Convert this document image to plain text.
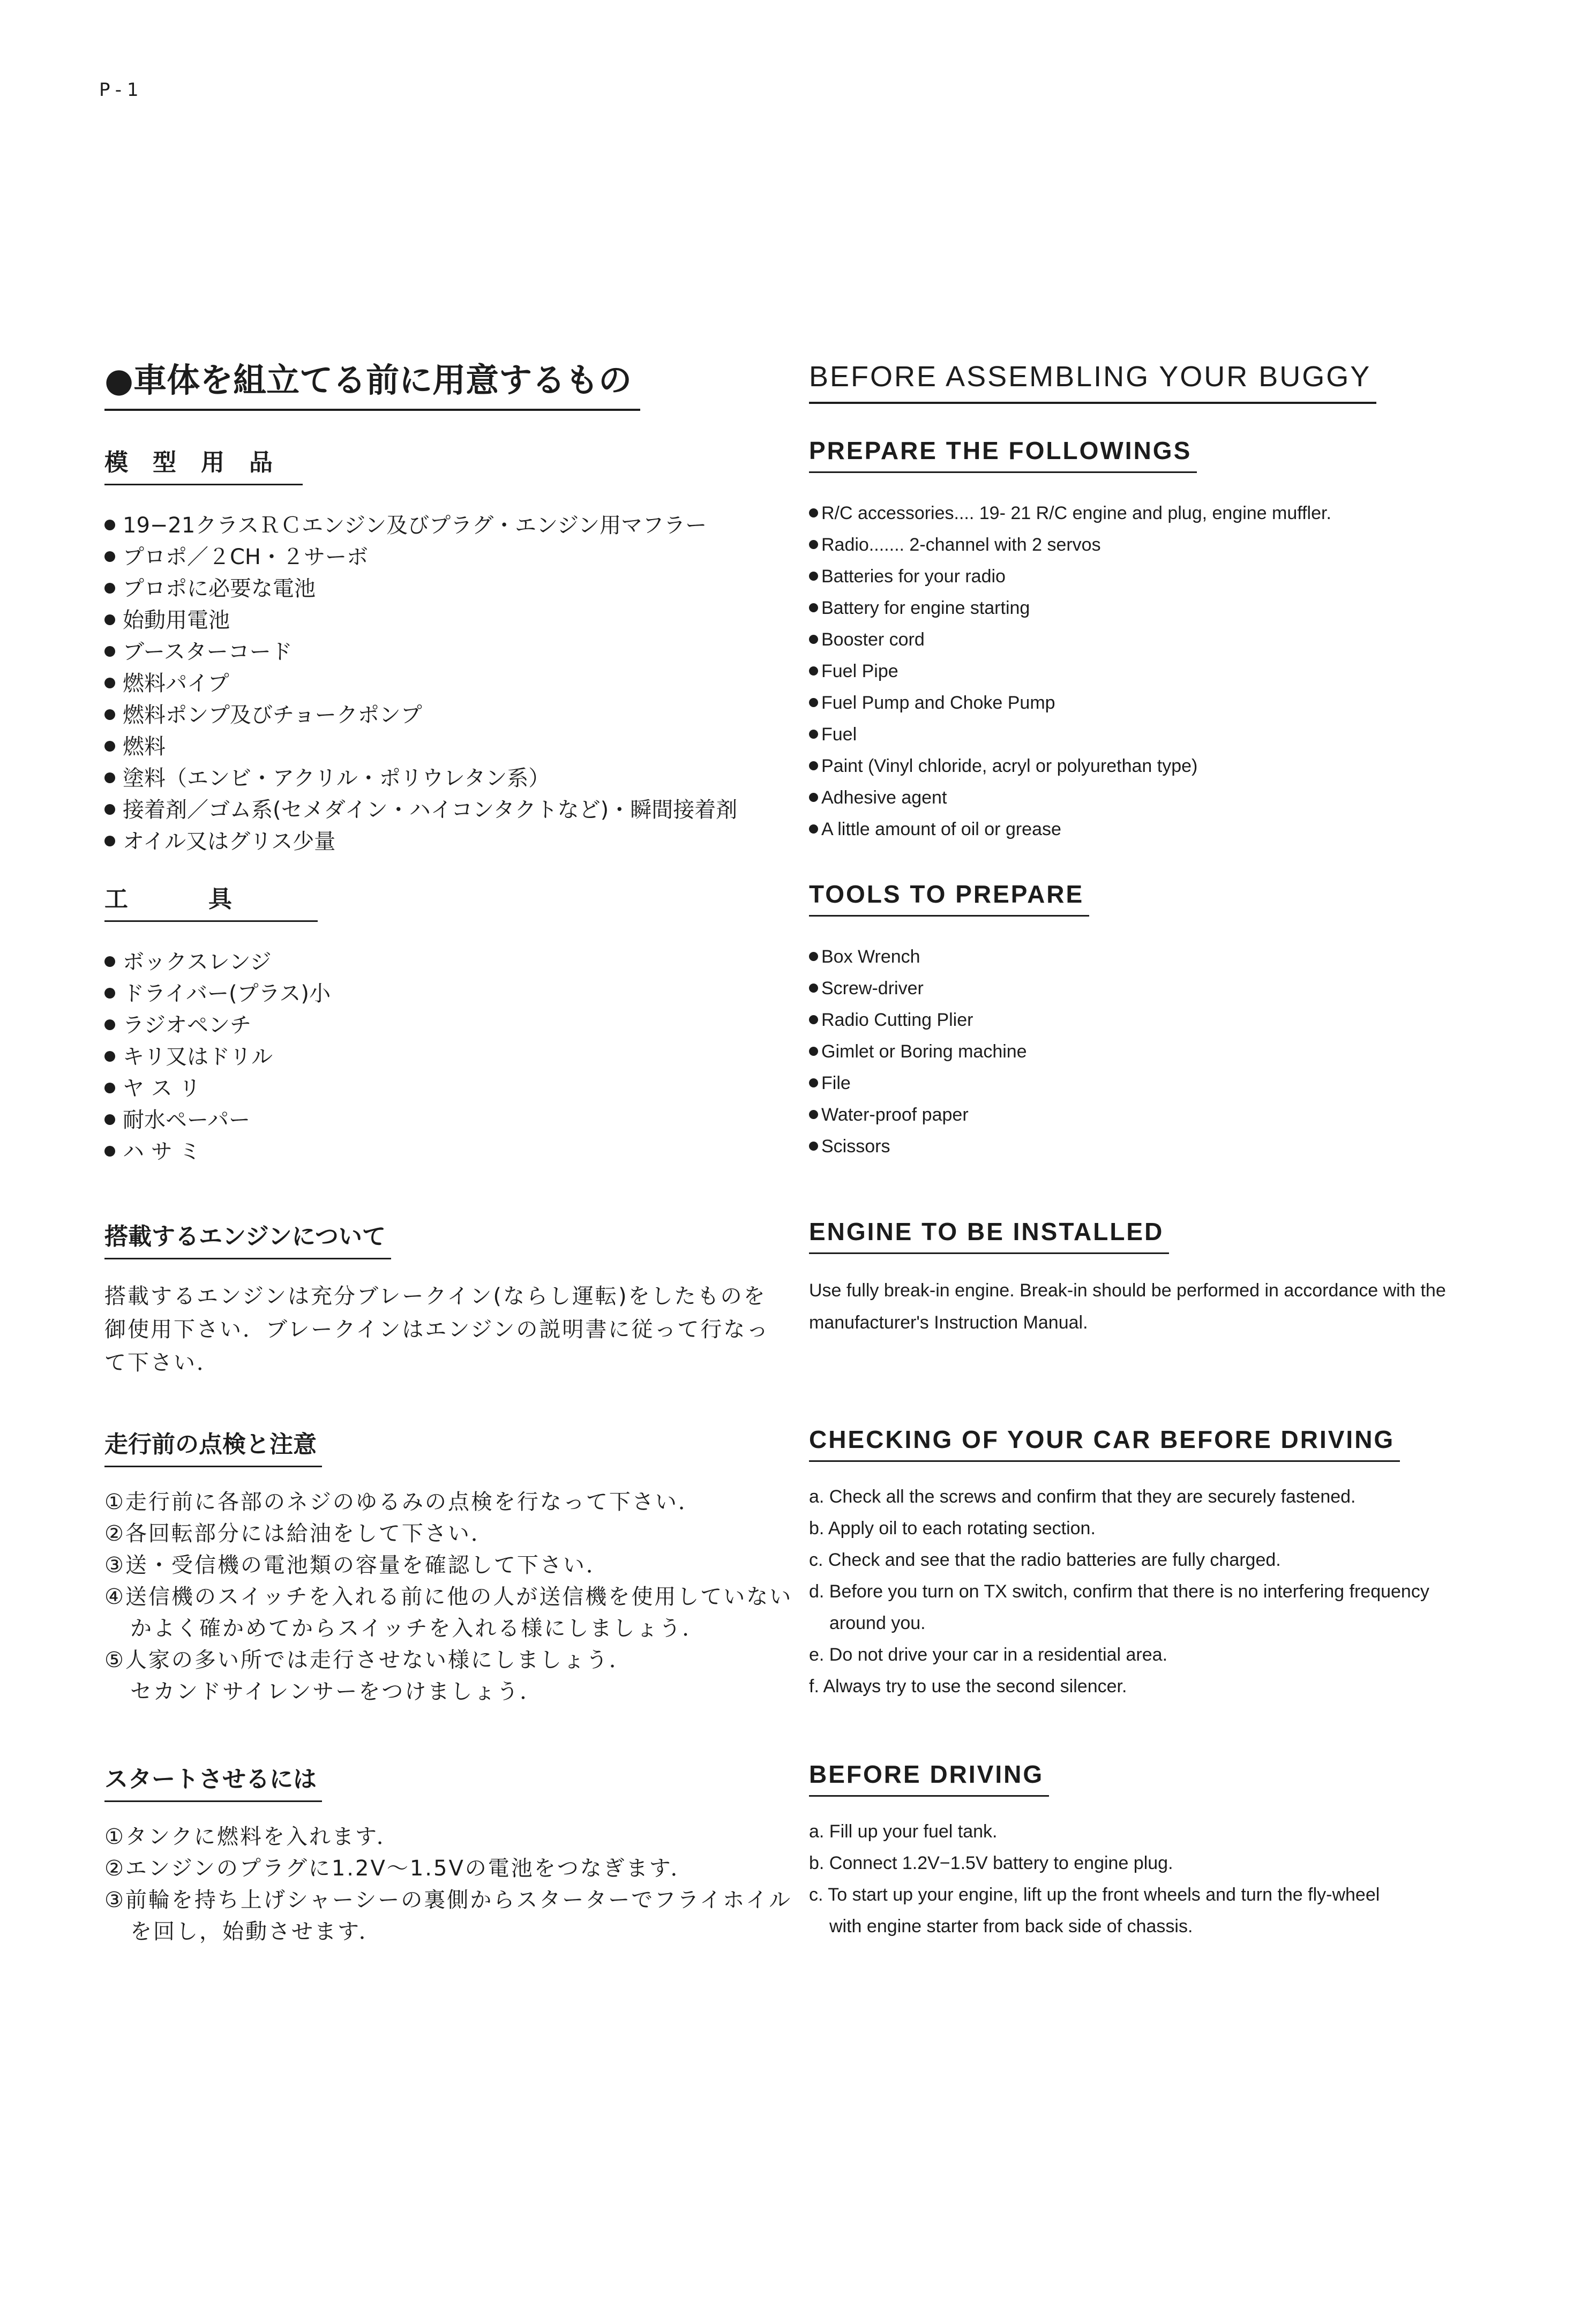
P-1
●車体を組立てる前に用意するもの
模型用品
19−21クラスＲＣエンジン及びプラグ・エンジン用マフラー
プロポ／２CH・２サーボ
プロポに必要な電池
始動用電池
ブースターコード
燃料パイプ
燃料ポンプ及びチョークポンプ
燃料
塗料（エンビ・アクリル・ポリウレタン系）
接着剤／ゴム系(セメダイン・ハイコンタクトなど)・瞬間接着剤
オイル又はグリス少量
BEFORE ASSEMBLING YOUR BUGGY
PREPARE THE FOLLOWINGS
R/C accessories.... 19- 21 R/C engine and plug, engine muffler.
Radio....... 2-channel with 2 servos
Batteries for your radio
Battery for engine starting
Booster cord
Fuel Pipe
Fuel Pump and Choke Pump
Fuel
Paint (Vinyl chloride, acryl or polyurethan type)
Adhesive agent
A little amount of oil or grease
工具
ボックスレンジ
ドライバー(プラス)小
ラジオペンチ
キリ又はドリル
ヤ ス リ
耐水ペーパー
ハ サ ミ
TOOLS TO PREPARE
Box Wrench
Screw-driver
Radio Cutting Plier
Gimlet or Boring machine
File
Water-proof paper
Scissors
搭載するエンジンについて
搭載するエンジンは充分ブレークイン(ならし運転)をしたものを御使用下さい．ブレークインはエンジンの説明書に従って行なって下さい．
ENGINE TO BE INSTALLED
Use fully break-in engine. Break-in should be performed in accordance with the manufacturer's Instruction Manual.
走行前の点検と注意
①走行前に各部のネジのゆるみの点検を行なって下さい．
②各回転部分には給油をして下さい．
③送・受信機の電池類の容量を確認して下さい．
④送信機のスイッチを入れる前に他の人が送信機を使用していない
かよく確かめてからスイッチを入れる様にしましょう．
⑤人家の多い所では走行させない様にしましょう．
セカンドサイレンサーをつけましょう．
CHECKING OF YOUR CAR BEFORE DRIVING
a. Check all the screws and confirm that they are securely fastened.
b. Apply oil to each rotating section.
c. Check and see that the radio batteries are fully charged.
d. Before you turn on TX switch, confirm that there is no interfering frequency
around you.
e. Do not drive your car in a residential area.
f. Always try to use the second silencer.
スタートさせるには
①タンクに燃料を入れます．
②エンジンのプラグに1.2V〜1.5Vの電池をつなぎます．
③前輪を持ち上げシャーシーの裏側からスターターでフライホイル
を回し，始動させます．
BEFORE DRIVING
a. Fill up your fuel tank.
b. Connect 1.2V−1.5V battery to engine plug.
c. To start up your engine, lift up the front wheels and turn the fly-wheel
with engine starter from back side of chassis.
